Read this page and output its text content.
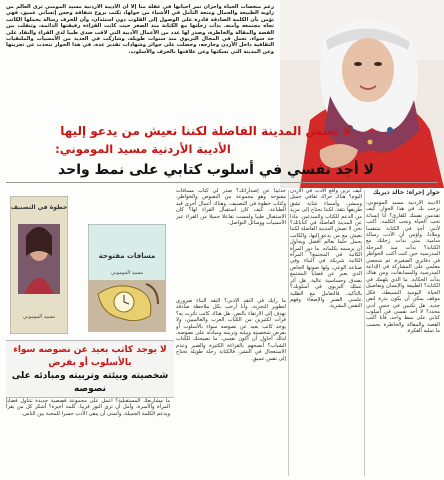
رغم منغصات الحياة وأحزان تمر أحيانها في غفلة منا إلا أن الأديبة الأردنية مسيد المومني ترى العالم من زاوية الطبيعة والجمال ومتعة التأمل في الأشياء من حولها، تكتب بروح شفافة وحس إنساني عميق، فهي تؤمن بأن الكلمة الصادقة قادرة على الوصول إلى القلوب دون استئذان، وأن للحرف رسالة يحملها الكاتب تجاه مجتمعه وأمته. بدأت رحلتها مع الكتابة منذ الصغر حيث كانت القراءة رفيقتها الدائمة، وتنقلت بين القصة والمقالة والخاطرة، وصدر لها عدد من الأعمال الأدبية التي لاقت صدى طيبا لدى القراء والنقاد على حد سواء. تعمل في المجال التربوي منذ سنوات طويلة، وشاركت في العديد من الأمسيات والملتقيات الثقافية داخل الأردن وخارجه، وحصلت على جوائز وشهادات تقدير عدة. في هذا الحوار تتحدث عن تجربتها وعن المدينة التي تسكنها وعن علاقتها بالحرف والأسلوب.
لا تعيش المدينة الفاضلة لكننا نعيش من يدعو إليها
الأديبة الأردنية مسيد الموموني:
لا أجد نفسي في أسلوب كتابي على نمط واحد
حوار إجراه: خالد ديريك
الأديبة الأردنية مسيد الموموني، نرحب بك في هذا الحوار. كيف تقدمين نفسك للقارئ؟ أنا إنسانة تحب الحياة وتحب الكلمة، أكتب لأنني أجد في الكتابة متنفسا وملاذا، وأؤمن أن الأدب رسالة سامية. متى بدأت رحلتك مع الكتابة؟ بدأت منذ المرحلة المدرسية حين كنت أكتب الخواطر في دفاتري الصغيرة، ثم شجعني معلمي على المشاركة في الإذاعة المدرسية والمسابقات، ومن هناك بدأت الحكاية. ما الذي يلهمك في الكتابة؟ الطبيعة والإنسان وتفاصيل الحياة اليومية البسيطة، فكل موقف يمكن أن يكون بذرة لنص جديد. هل تكتبين في جنس أدبي محدد؟ لا أجد نفسي في أسلوب كتابي على نمط واحد، فأنا أكتب القصة والمقالة والخاطرة بحسب ما تمليه الفكرة.
كيف ترين واقع الأدب في الأردن اليوم؟ هناك حراك ثقافي جميل ومبشر، وأسماء شابة تشق طريقها بثقة، لكننا نحتاج إلى مزيد من الدعم للكتاب والمبدعين. ماذا عن المدينة الفاضلة في كتاباتك؟ نحن لا نعيش المدينة الفاضلة لكننا نعيش مع من يدعو إليها، والكاتب يحمل حلما بعالم أفضل ويحاول أن يرسمه بكلماته. ما دور المرأة الكاتبة في المجتمع؟ المرأة الكاتبة شريكة في البناء وفي صناعة الوعي، ولها صوتها الخاص الذي يعبر عن قضايا المجتمع بصدق وحساسية عالية. هل أثر عملك التربوي في أسلوبك؟ بالتأكيد، فالتعامل مع الطلبة علمني الصبر والإصغاء وفهم النفس البشرية.
حدثينا عن إصداراتك؟ صدر لي كتاب مسافات مفتوحة وهو مجموعة من النصوص والخواطر، وكتاب خطوة في التصنيف، وهناك أعمال أخرى قيد الطباعة. كيف كان استقبال القراء لها؟ كان الاستقبال طيبا ولمست تفاعلا جميلا من القراء عبر الأمسيات ووسائل التواصل.
ما رأيك في النقد الأدبي؟ النقد البناء ضروري لتطوير التجربة، وأنا أرحب بكل ملاحظة صادقة تهدف إلى الارتقاء بالنص. هل هناك كاتب تأثرت به؟ قرأت لكثيرين من الكتاب العرب والعالميين، ولا يوجد كاتب بعيد عن نصوصه سواء بالأسلوب أو بفرض شخصيته وبيئته وتربيته ومبادئه على نصوصه، لذلك أحاول أن أكون نفسي. ما نصيحتك للكتاب الشباب؟ أنصحهم بالقراءة الكثيرة والصبر وعدم الاستعجال في النشر، فالكتابة رحلة طويلة تحتاج إلى نفس عميق.
ما مشاريعك المستقبلية؟ أعمل على مجموعة قصصية جديدة تتناول قضايا المرأة والأسرة، وآمل أن ترى النور قريبا. كلمة أخيرة؟ أشكر كل من يقرأ ويدعم الكلمة الجميلة، وأتمنى أن يبقى الأدب جسرا للمحبة بين الناس.
خطوة في التصنيف
مسيد الموموني
مسافات مفتوحة
مسيد الموموني
لا يوجد كاتب بعيد عن نصوصه سواء بالأسلوب أو بفرض
شخصيته وبيئته وتربيته ومبادئه على نصوصه
